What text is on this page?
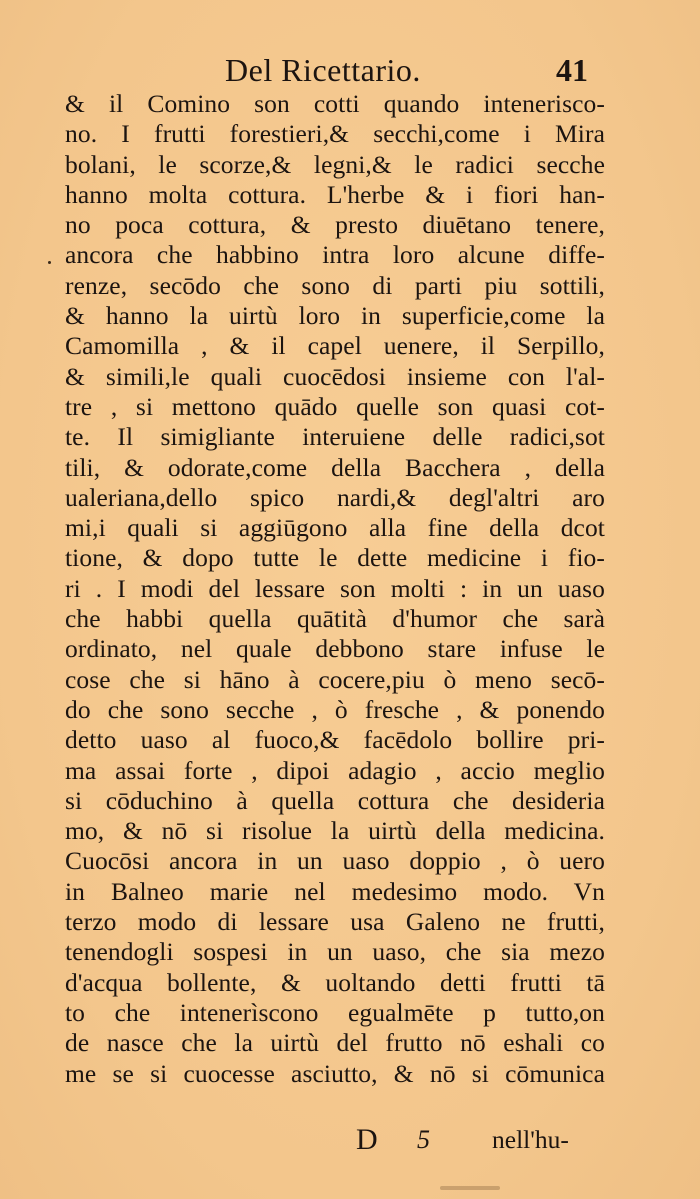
Del Ricettario.	41
& il Comino son cotti quando intenerisco-
no. I frutti forestieri,& secchi,come i Mira
bolani, le scorze,& legni,& le radici secche
hanno molta cottura. L'herbe & i fiori han-
no poca cottura, & presto diuētano tenere,
ancora che habbino intra loro alcune diffe-
renze, secōdo che sono di parti piu sottili,
& hanno la uirtù loro in superficie,come la
Camomilla , & il capel uenere, il Serpillo,
& simili,le quali cuocēdosi insieme con l'al-
tre , si mettono quādo quelle son quasi cot-
te. Il simigliante interuiene delle radici,sot
tili, & odorate,come della Bacchera , della
ualeriana,dello spico nardi,& degl'altri aro
mi,i quali si aggiūgono alla fine della dcot
tione, & dopo tutte le dette medicine i fio-
ri . I modi del lessare son molti : in un uaso
che habbi quella quātità d'humor che sarà
ordinato, nel quale debbono stare infuse le
cose che si hāno à cocere,piu ò meno secō-
do che sono secche , ò fresche , & ponendo
detto uaso al fuoco,& facēdolo bollire pri-
ma assai forte , dipoi adagio , accio meglio
si cōduchino à quella cottura che desideria
mo, & nō si risolue la uirtù della medicina.
Cuocōsi ancora in un uaso doppio , ò uero
in Balneo marie nel medesimo modo. Vn
terzo modo di lessare usa Galeno ne frutti,
tenendogli sospesi in un uaso, che sia mezo
d'acqua bollente, & uoltando detti frutti tā
to che intenerìscono egualmēte p tutto,on
de nasce che la uirtù del frutto nō eshali co
me se si cuocesse asciutto, & nō si cōmunica
D 5 nell'hu-
